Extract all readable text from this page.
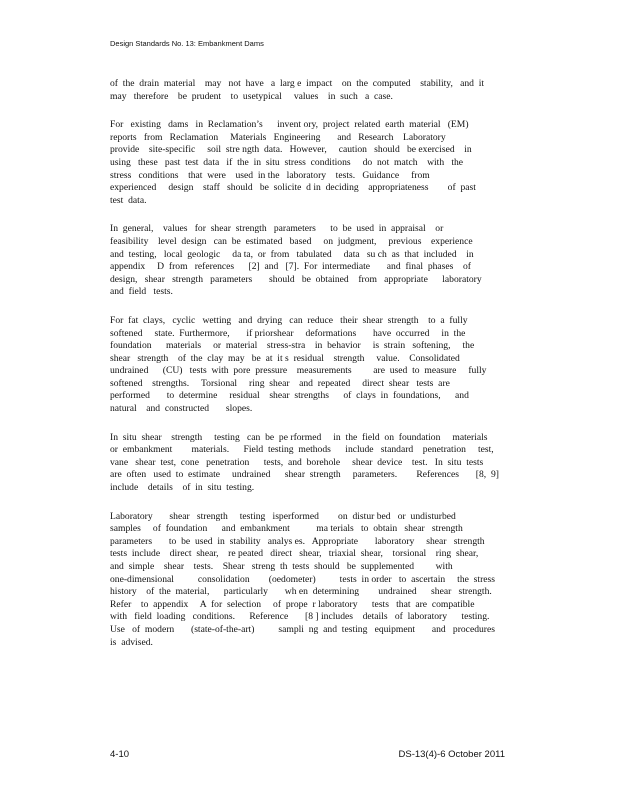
Design Standards No. 13: Embankment Dams

of  the  drain  material    may   not  have   a  larg e  impact    on  the  computed    stability,   and  it
may   therefore    be  prudent    to  usetypical     values    in  such   a  case.

For   existing   dams   in  Reclamation’s      invent ory,  project  related  earth  material   (EM)
reports   from   Reclamation     Materials   Engineering       and   Research    Laboratory
provide    site-specific     soil  stre ngth  data.   However,     caution   should   be exercised    in
using   these   past  test  data   if  the  in  situ  stress  conditions     do  not  match    with   the
stress   conditions    that  were    used  in the   laboratory    tests.   Guidance     from
experienced     design    staff   should   be  solicite  d in  deciding    appropriateness        of  past
test  data.

In  general,    values   for  shear  strength   parameters      to  be  used  in  appraisal    or
feasibility    level  design   can  be  estimated   based     on  judgment,     previous    experience
and  testing,   local  geologic     da ta,  or  from   tabulated     data   su ch  as  that  included    in
appendix     D  from   references      [2]  and   [7].  For  intermediate       and  final  phases    of
design,   shear   strength   parameters       should   be  obtained    from   appropriate      laboratory
and  field   tests.

For  fat  clays,   cyclic   wetting   and  drying   can  reduce   their  shear  strength    to  a  fully
softened     state.  Furthermore,       if priorshear     deformations       have  occurred     in  the
foundation      materials     or  material    stress-stra    in  behavior     is  strain   softening,     the
shear   strength    of  the  clay  may   be  at  it s  residual    strength     value.    Consolidated
undrained      (CU)   tests  with  pore  pressure    measurements         are  used  to  measure     fully
softened    strengths.     Torsional     ring  shear    and  repeated     direct  shear   tests  are
performed       to  determine     residual    shear  strengths      of  clays  in  foundations,      and
natural    and  constructed       slopes.

In  situ  shear    strength     testing   can  be  pe rformed     in  the  field  on  foundation     materials
or  embankment        materials.      Field  testing  methods      include   standard    penetration     test,
vane   shear  test,  cone   penetration      tests,  and  borehole     shear  device    test.   In  situ  tests
are  often   used  to  estimate     undrained      shear  strength     parameters.        References       [8,  9]
include    details    of  in  situ  testing.

Laboratory       shear   strength     testing   isperformed        on  distur bed   or  undisturbed
samples     of  foundation      and  embankment           ma terials   to  obtain   shear   strength
parameters       to  be  used  in  stability   analys es.   Appropriate       laboratory     shear   strength
tests  include    direct  shear,    re peated   direct   shear,   triaxial  shear,    torsional    ring  shear,
and  simple    shear    tests.    Shear   streng  th  tests  should   be  supplemented         with
one-dimensional          consolidation        (oedometer)          tests  in order   to  ascertain     the  stress
history    of  the  material,      particularly       wh en  determining        undrained      shear   strength.
Refer    to  appendix     A  for  selection     of  prope  r laboratory      tests   that  are  compatible
with   field  loading   conditions.      Reference       [8 ] includes    details   of  laboratory      testing.
Use   of  modern       (state-of-the-art)          sampli  ng  and  testing   equipment       and   procedures
is  advised.

4-10	DS-13(4)-6 October 2011
